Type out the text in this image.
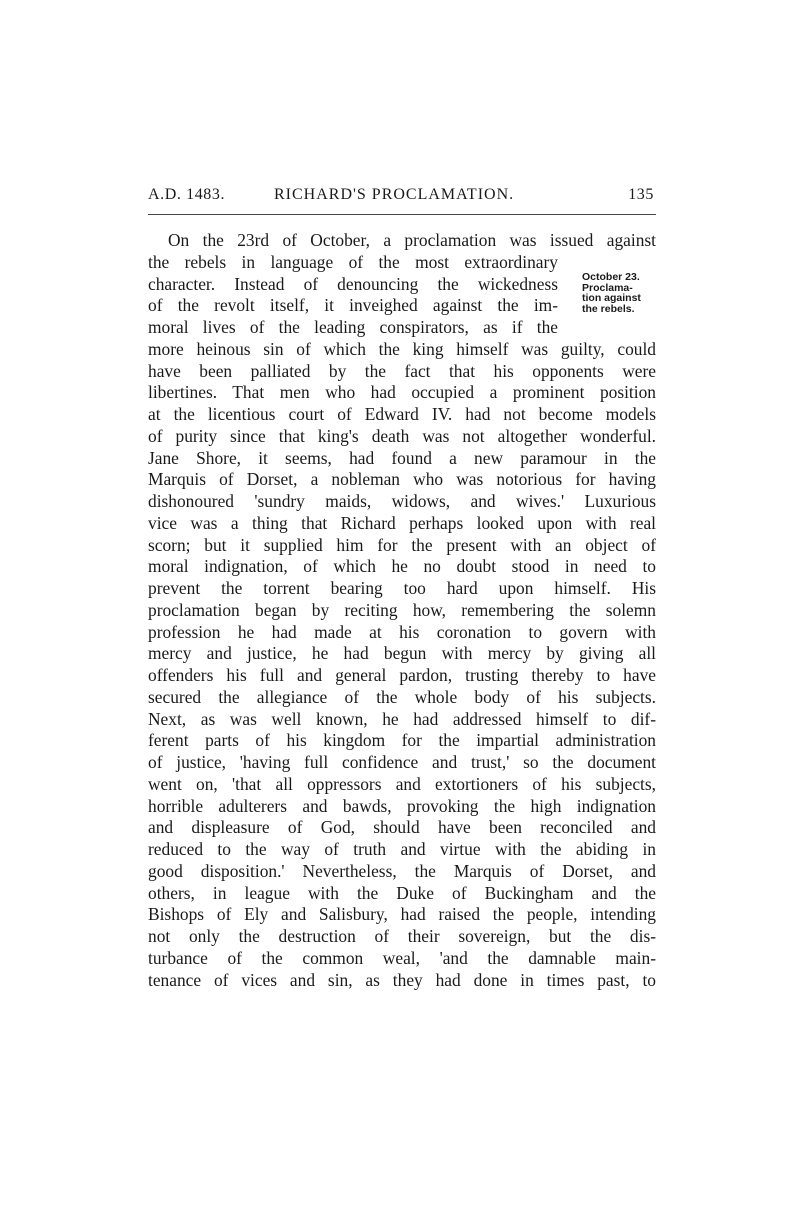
A.D. 1483.	RICHARD'S PROCLAMATION.	135
October 23.
Proclama-
tion against
the rebels.
On the 23rd of October, a proclamation was issued against
the rebels in language of the most extraordinary
character. Instead of denouncing the wickedness
of the revolt itself, it inveighed against the im-
moral lives of the leading conspirators, as if the
more heinous sin of which the king himself was guilty, could
have been palliated by the fact that his opponents were
libertines. That men who had occupied a prominent position
at the licentious court of Edward IV. had not become models
of purity since that king's death was not altogether wonderful.
Jane Shore, it seems, had found a new paramour in the
Marquis of Dorset, a nobleman who was notorious for having
dishonoured 'sundry maids, widows, and wives.' Luxurious
vice was a thing that Richard perhaps looked upon with real
scorn; but it supplied him for the present with an object of
moral indignation, of which he no doubt stood in need to
prevent the torrent bearing too hard upon himself. His
proclamation began by reciting how, remembering the solemn
profession he had made at his coronation to govern with
mercy and justice, he had begun with mercy by giving all
offenders his full and general pardon, trusting thereby to have
secured the allegiance of the whole body of his subjects.
Next, as was well known, he had addressed himself to dif-
ferent parts of his kingdom for the impartial administration
of justice, 'having full confidence and trust,' so the document
went on, 'that all oppressors and extortioners of his subjects,
horrible adulterers and bawds, provoking the high indignation
and displeasure of God, should have been reconciled and
reduced to the way of truth and virtue with the abiding in
good disposition.' Nevertheless, the Marquis of Dorset, and
others, in league with the Duke of Buckingham and the
Bishops of Ely and Salisbury, had raised the people, intending
not only the destruction of their sovereign, but the dis-
turbance of the common weal, 'and the damnable main-
tenance of vices and sin, as they had done in times past, to
